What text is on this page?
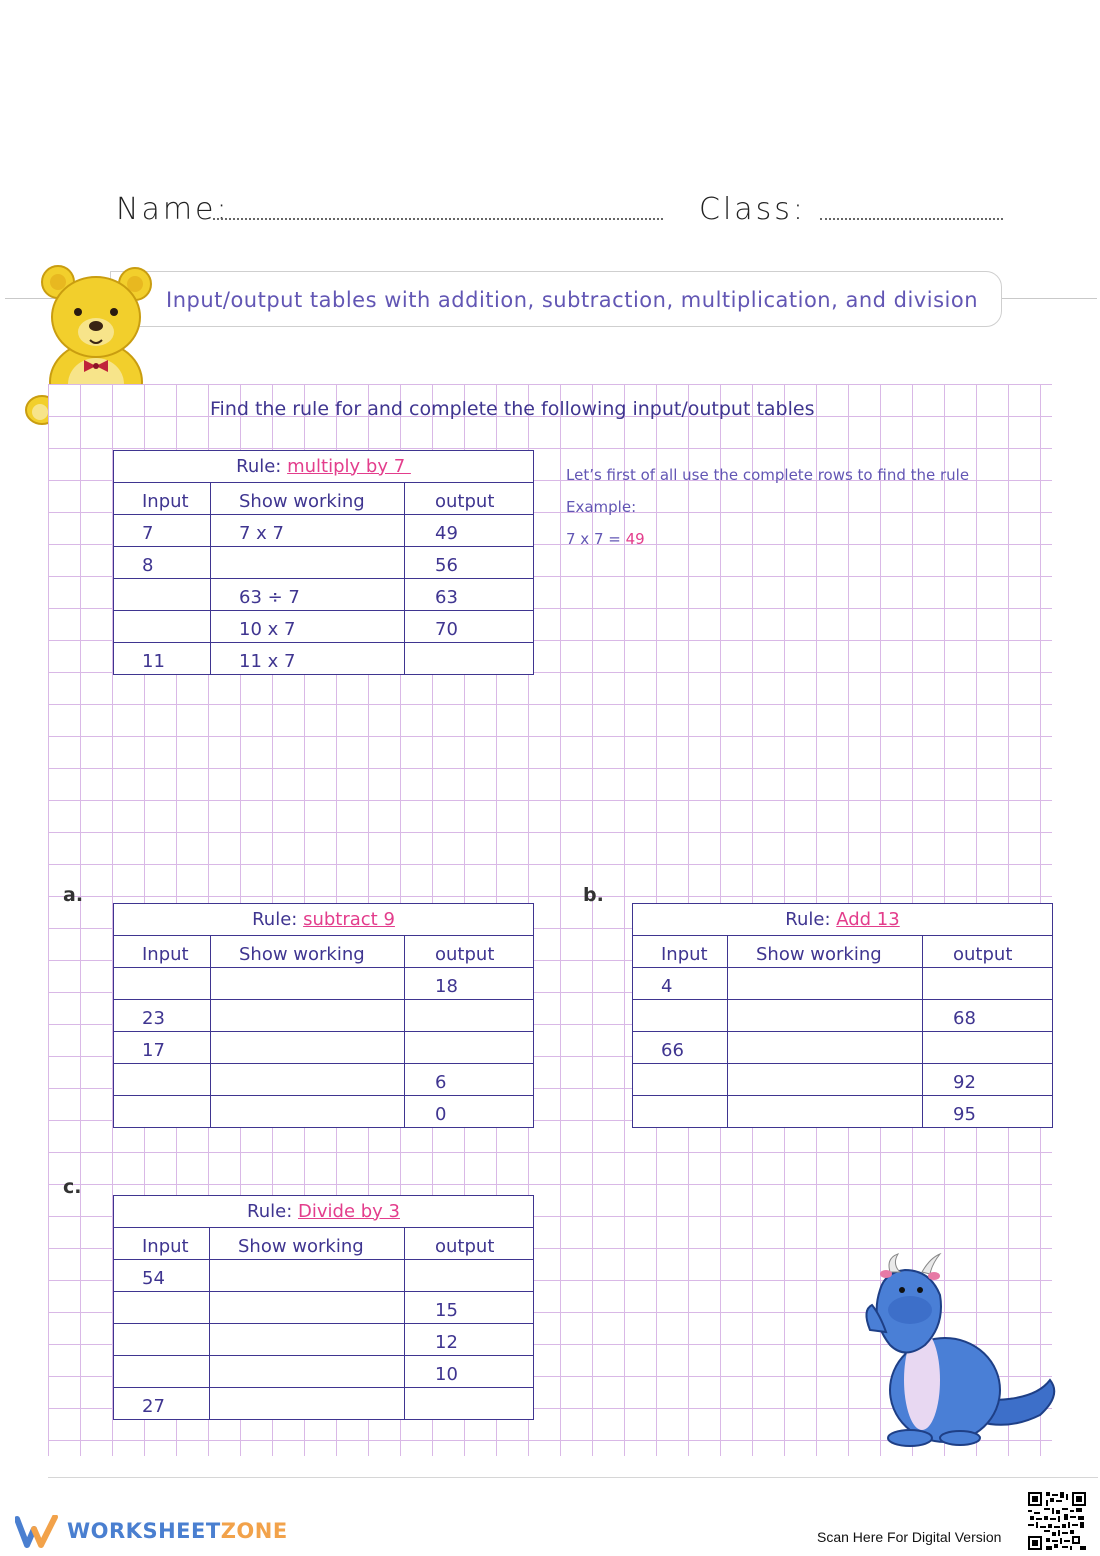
Name:	Class:
Input/output tables with addition, subtraction, multiplication, and division
Find the rule for and complete the following input/output tables
Let’s first of all use the complete rows to find the rule
Example:
7 x 7 = 49
Rule: multiply by 7		
Input	Show working	output
7	7 x 7	49
8		56
	63 ÷ 7	63
	10 x 7	70
11	11 x 7	
a.	b.
c.
Rule: subtract 9		
Input	Show working	output
		18
23		
17		
		6
		0
Rule: Add 13		
Input	Show working	output
4		
		68
66		
		92
		95
Rule: Divide by 3		
Input	Show working	output
54		
		15
		12
		10
27		
WORKSHEETZONE	Scan Here For Digital Version
